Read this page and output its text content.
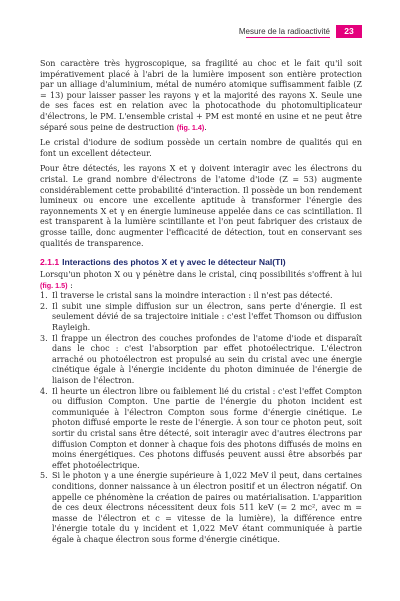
Mesure de la radioactivité	23

Son caractère très hygroscopique, sa fragilité au choc et le fait qu'il soit impérativement placé à l'abri de la lumière imposent son entière protection par un alliage d'aluminium, métal de numéro atomique suffisamment faible (Z = 13) pour laisser passer les rayons γ et la majorité des rayons X. Seule une de ses faces est en relation avec la photocathode du photomultiplicateur d'électrons, le PM. L'ensemble cristal + PM est monté en usine et ne peut être séparé sous peine de destruction (fig. 1.4).

Le cristal d'iodure de sodium possède un certain nombre de qualités qui en font un excellent détecteur.

Pour être détectés, les rayons X et γ doivent interagir avec les électrons du cristal. Le grand nombre d'électrons de l'atome d'iode (Z = 53) augmente considérablement cette probabilité d'interaction. Il possède un bon rendement lumineux ou encore une excellente aptitude à transformer l'énergie des rayonnements X et γ en énergie lumineuse appelée dans ce cas scintillation. Il est transparent à la lumière scintillante et l'on peut fabriquer des cristaux de grosse taille, donc augmenter l'efficacité de détection, tout en conservant ses qualités de transparence.

2.1.1 Interactions des photos X et γ avec le détecteur NaI(Tl)

Lorsqu'un photon X ou γ pénètre dans le cristal, cinq possibilités s'offrent à lui (fig. 1.5) :

1. Il traverse le cristal sans la moindre interaction : il n'est pas détecté.
2. Il subit une simple diffusion sur un électron, sans perte d'énergie. Il est seulement dévié de sa trajectoire initiale : c'est l'effet Thomson ou diffusion Rayleigh.
3. Il frappe un électron des couches profondes de l'atome d'iode et disparaît dans le choc : c'est l'absorption par effet photoélectrique. L'électron arraché ou photoélectron est propulsé au sein du cristal avec une énergie cinétique égale à l'énergie incidente du photon diminuée de l'énergie de liaison de l'électron.
4. Il heurte un électron libre ou faiblement lié du cristal : c'est l'effet Compton ou diffusion Compton. Une partie de l'énergie du photon incident est communiquée à l'électron Compton sous forme d'énergie cinétique. Le photon diffusé emporte le reste de l'énergie. À son tour ce photon peut, soit sortir du cristal sans être détecté, soit interagir avec d'autres électrons par diffusion Compton et donner à chaque fois des photons diffusés de moins en moins énergétiques. Ces photons diffusés peuvent aussi être absorbés par effet photoélectrique.
5. Si le photon γ a une énergie supérieure à 1,022 MeV il peut, dans certaines conditions, donner naissance à un électron positif et un électron négatif. On appelle ce phénomène la création de paires ou matérialisation. L'apparition de ces deux électrons nécessitent deux fois 511 keV (= 2 mc², avec m = masse de l'électron et c = vitesse de la lumière), la différence entre l'énergie totale du γ incident et 1,022 MeV étant communiquée à partie égale à chaque électron sous forme d'énergie cinétique.
